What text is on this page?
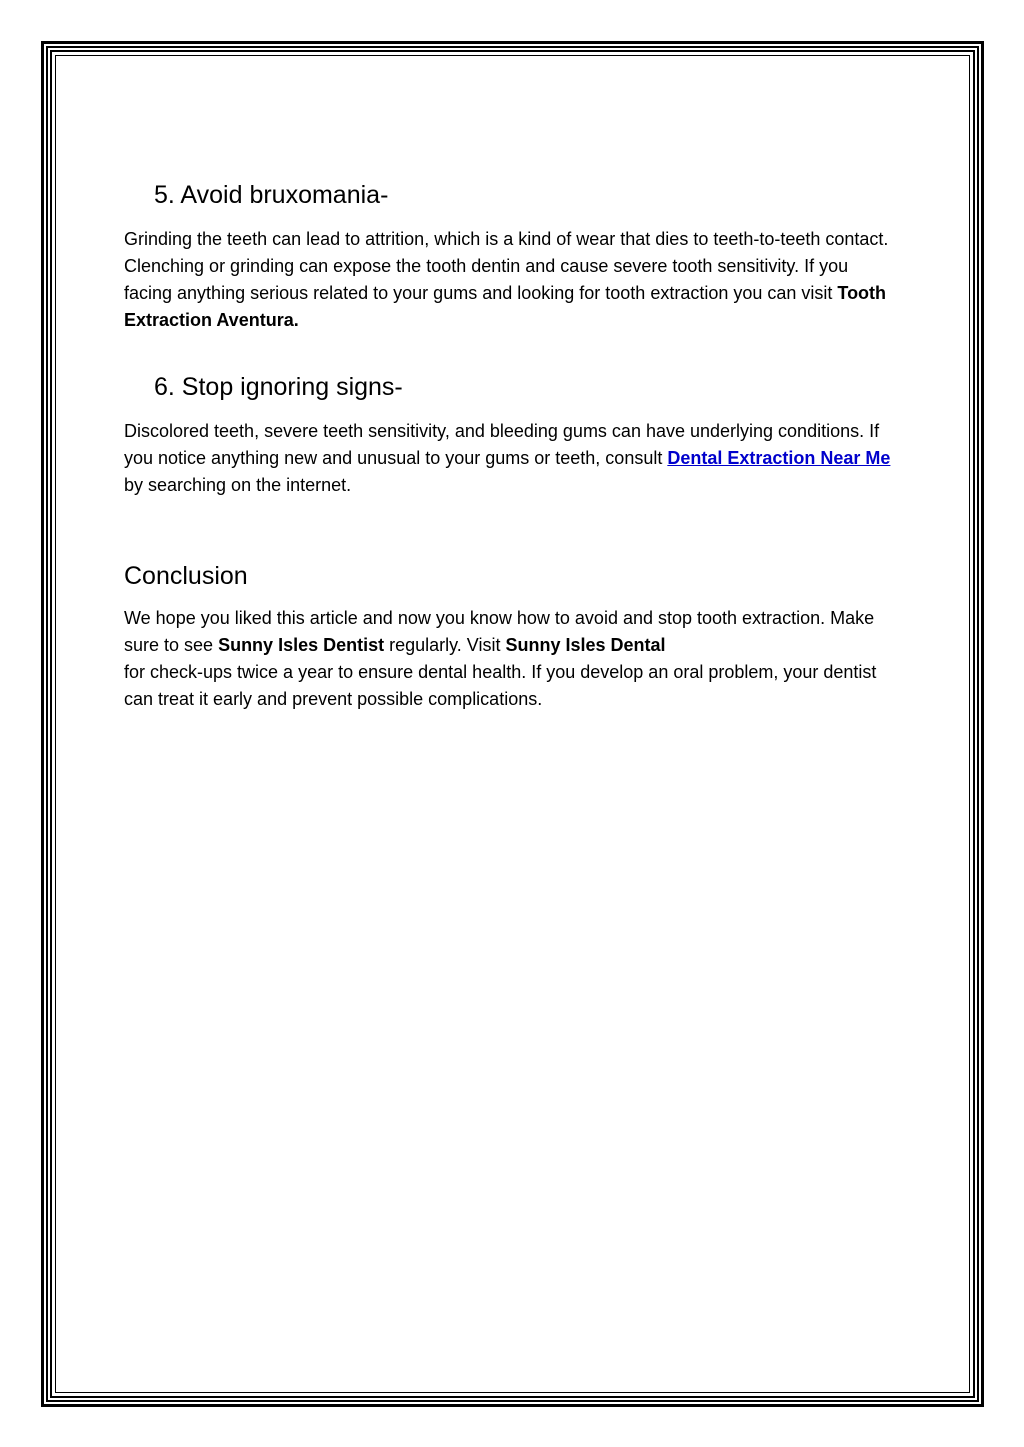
5. Avoid bruxomania-

Grinding the teeth can lead to attrition, which is a kind of wear that dies to teeth-to-teeth contact. Clenching or grinding can expose the tooth dentin and cause severe tooth sensitivity. If you facing anything serious related to your gums and looking for tooth extraction you can visit Tooth Extraction Aventura.

6. Stop ignoring signs-

Discolored teeth, severe teeth sensitivity, and bleeding gums can have underlying conditions. If you notice anything new and unusual to your gums or teeth, consult Dental Extraction Near Me by searching on the internet.

Conclusion

We hope you liked this article and now you know how to avoid and stop tooth extraction. Make sure to see Sunny Isles Dentist regularly. Visit Sunny Isles Dental
for check-ups twice a year to ensure dental health. If you develop an oral problem, your dentist can treat it early and prevent possible complications.
